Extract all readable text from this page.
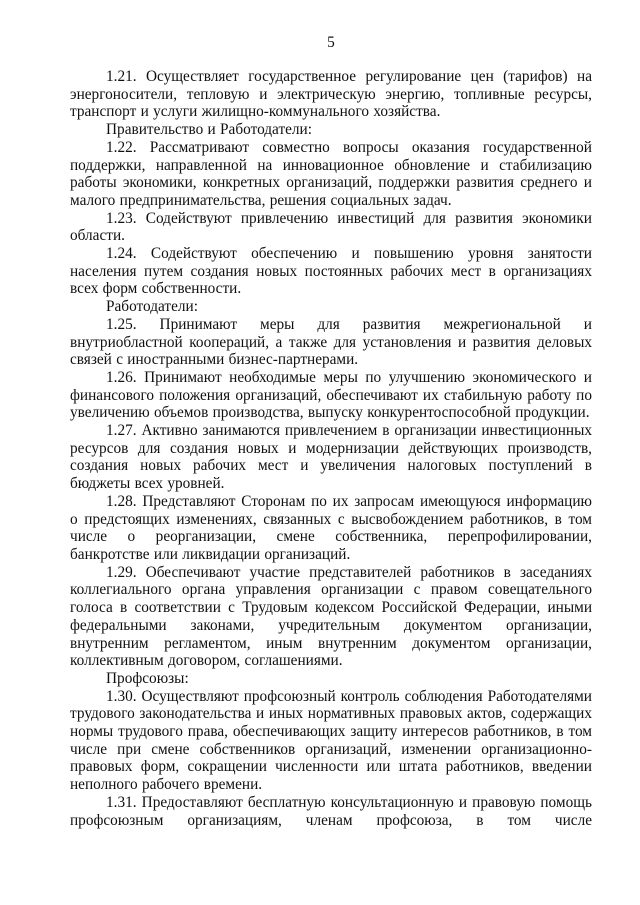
5

1.21. Осуществляет государственное регулирование цен (тарифов) на энергоносители, тепловую и электрическую энергию, топливные ресурсы, транспорт и услуги жилищно-коммунального хозяйства.

Правительство и Работодатели:

1.22. Рассматривают совместно вопросы оказания государственной поддержки, направленной на инновационное обновление и стабилизацию работы экономики, конкретных организаций, поддержки развития среднего и малого предпринимательства, решения социальных задач.

1.23. Содействуют привлечению инвестиций для развития экономики области.

1.24. Содействуют обеспечению и повышению уровня занятости населения путем создания новых постоянных рабочих мест в организациях всех форм собственности.

Работодатели:

1.25. Принимают меры для развития межрегиональной и внутриобластной коопераций, а также для установления и развития деловых связей с иностранными бизнес-партнерами.

1.26. Принимают необходимые меры по улучшению экономического и финансового положения организаций, обеспечивают их стабильную работу по увеличению объемов производства, выпуску конкурентоспособной продукции.

1.27. Активно занимаются привлечением в организации инвестиционных ресурсов для создания новых и модернизации действующих производств, создания новых рабочих мест и увеличения налоговых поступлений в бюджеты всех уровней.

1.28. Представляют Сторонам по их запросам имеющуюся информацию о предстоящих изменениях, связанных с высвобождением работников, в том числе о реорганизации, смене собственника, перепрофилировании, банкротстве или ликвидации организаций.

1.29. Обеспечивают участие представителей работников в заседаниях коллегиального органа управления организации с правом совещательного голоса в соответствии с Трудовым кодексом Российской Федерации, иными федеральными законами, учредительным документом организации, внутренним регламентом, иным внутренним документом организации, коллективным договором, соглашениями.

Профсоюзы:

1.30. Осуществляют профсоюзный контроль соблюдения Работодателями трудового законодательства и иных нормативных правовых актов, содержащих нормы трудового права, обеспечивающих защиту интересов работников, в том числе при смене собственников организаций, изменении организационно-правовых форм, сокращении численности или штата работников, введении неполного рабочего времени.

1.31. Предоставляют бесплатную консультационную и правовую помощь профсоюзным организациям, членам профсоюза, в том числе
